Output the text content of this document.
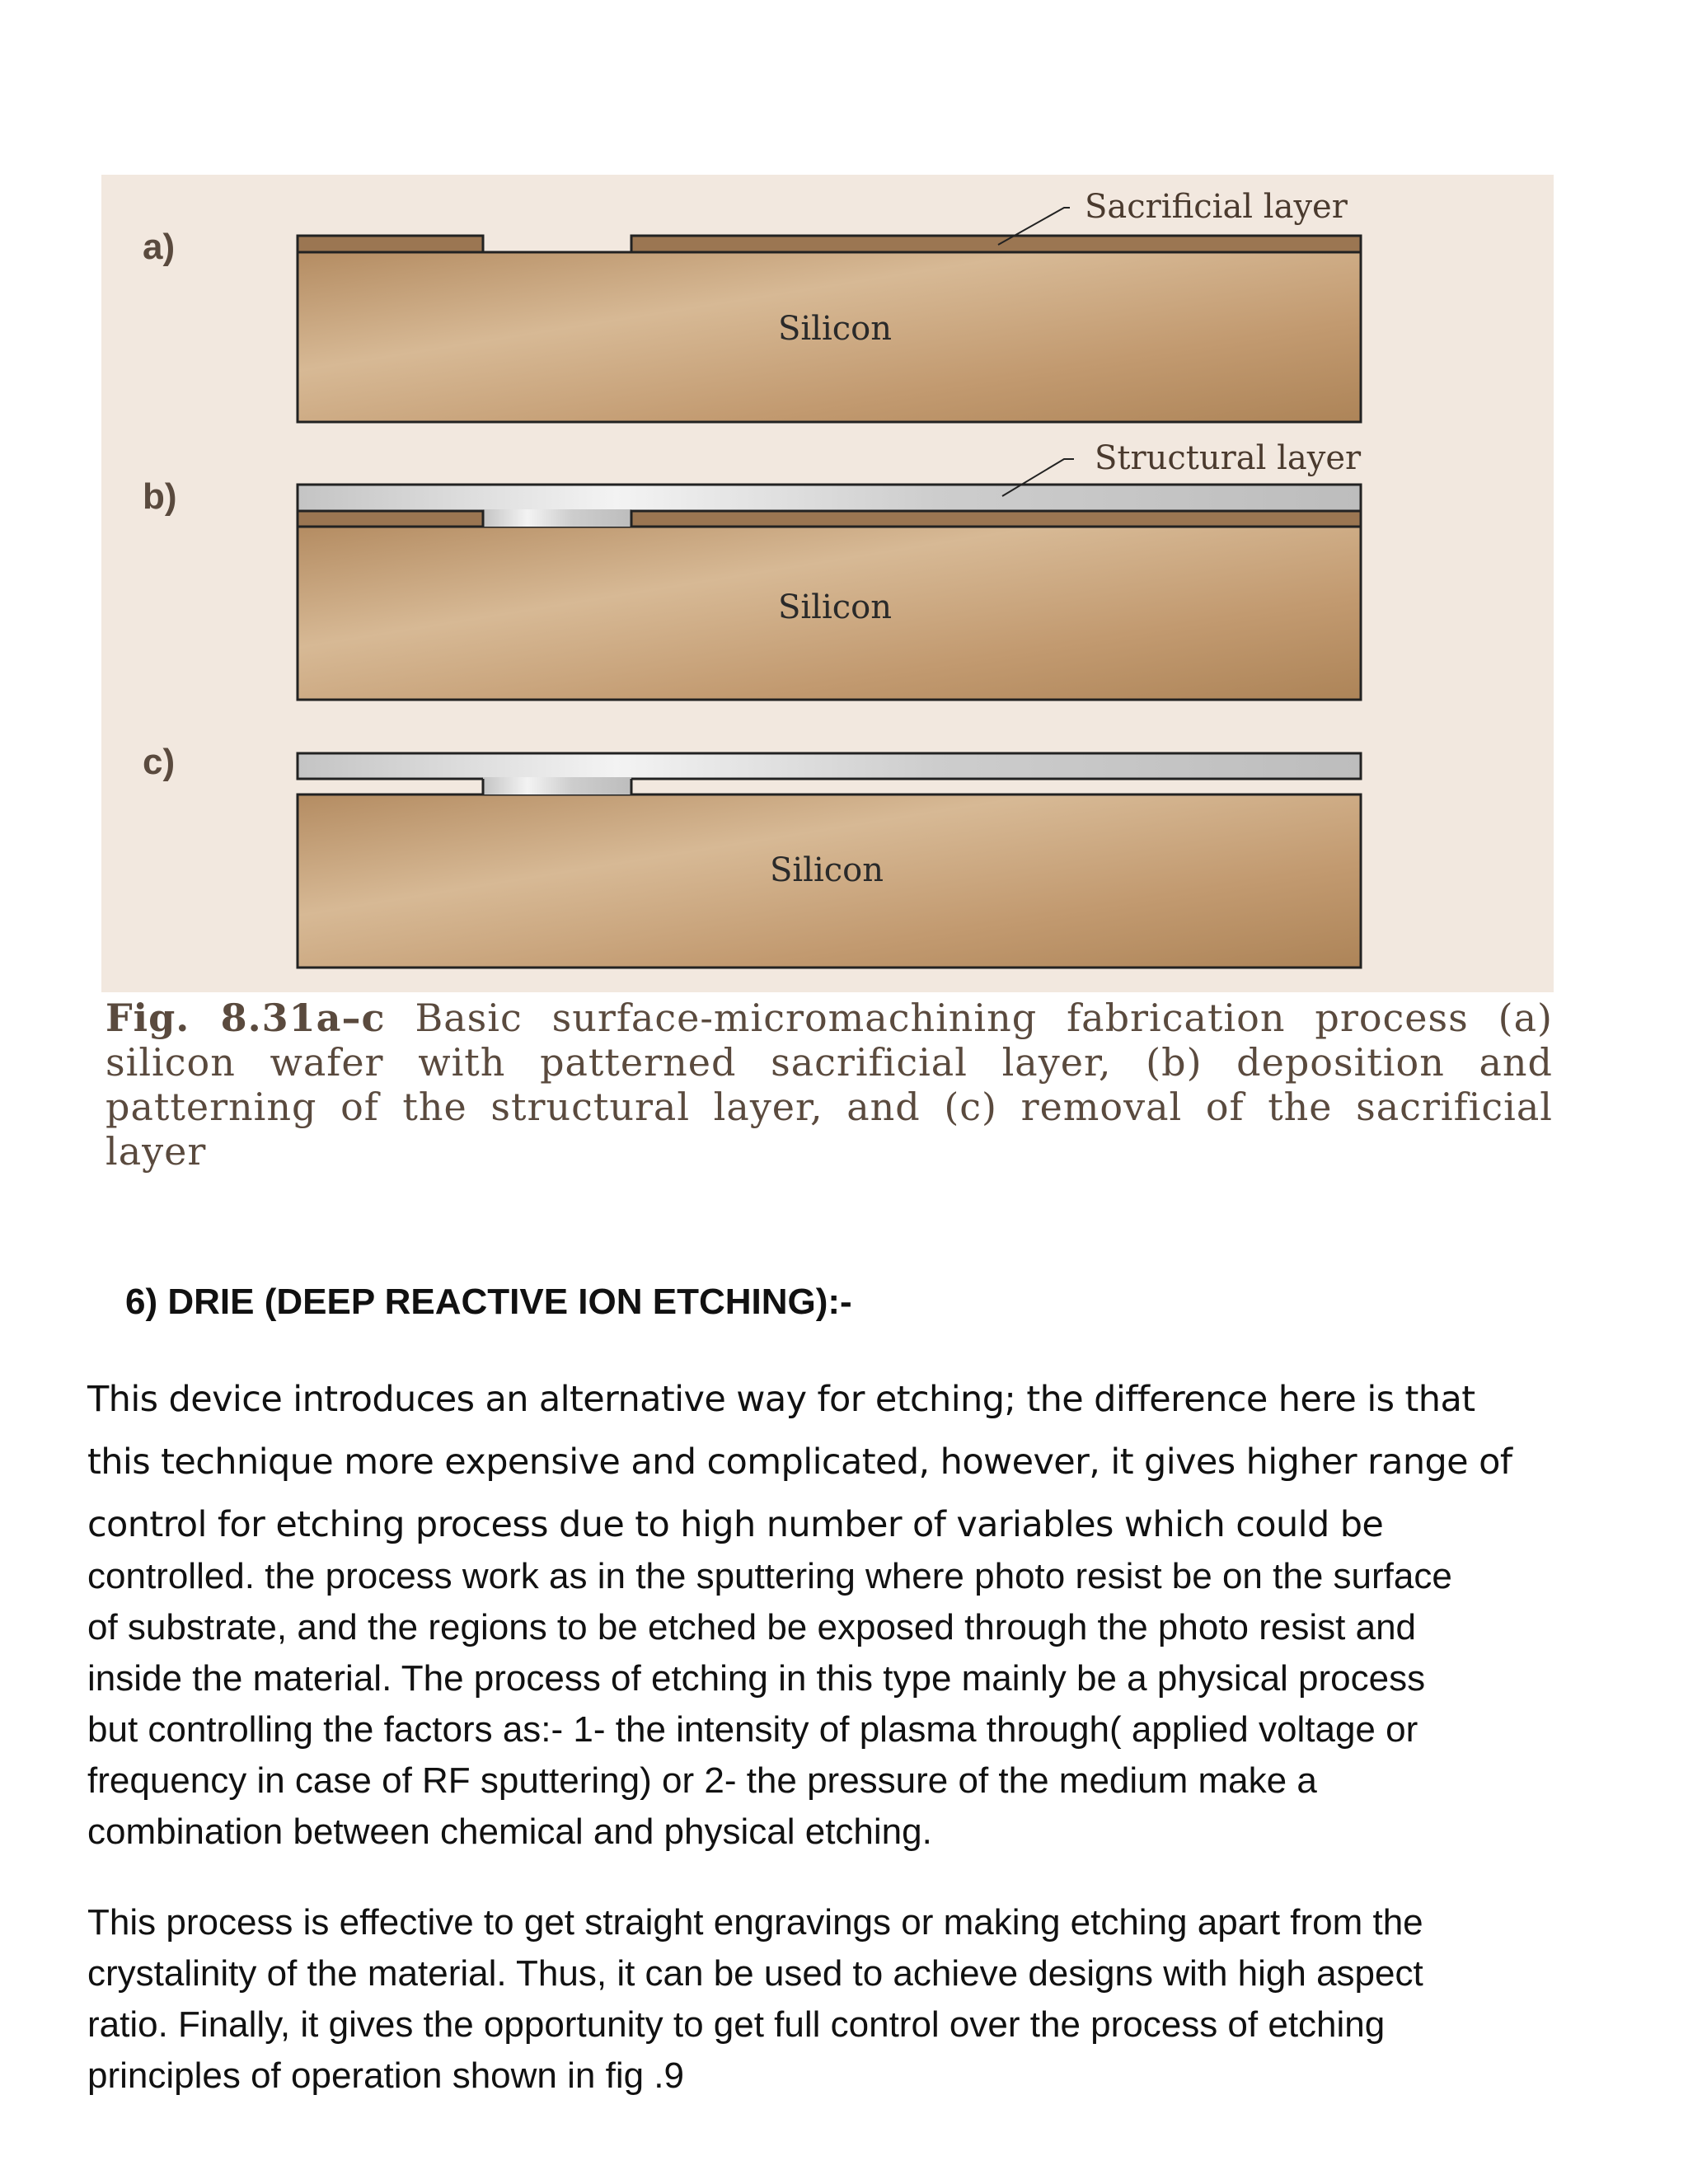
a)
Silicon
Sacrificial layer
b)
Silicon
Structural layer
c)
Silicon
Fig. 8.31a–c Basic surface-micromachining fabrication process (a) silicon wafer with patterned sacrificial layer, (b) deposition and patterning of the structural layer, and (c) removal of the sacrificial layer
6) DRIE (DEEP REACTIVE ION ETCHING):-
This device introduces an alternative way for etching; the difference here is that
this technique more expensive and complicated, however, it gives higher range of
control for etching process due to high number of variables which could be
controlled. the process work as in the sputtering where photo resist be on the surface
of substrate, and the regions to be etched be exposed through the photo resist and
inside the material. The process of etching in this type mainly be a physical process
but controlling the factors as:- 1- the intensity of plasma through( applied voltage or
frequency in case of RF sputtering) or 2- the pressure of the medium make a
combination between chemical and physical etching.
This process is effective to get straight engravings or making etching apart from the
crystalinity of the material. Thus, it can be used to achieve designs with high aspect
ratio. Finally, it gives the opportunity to get full control over the process of etching
principles of operation shown in fig .9
